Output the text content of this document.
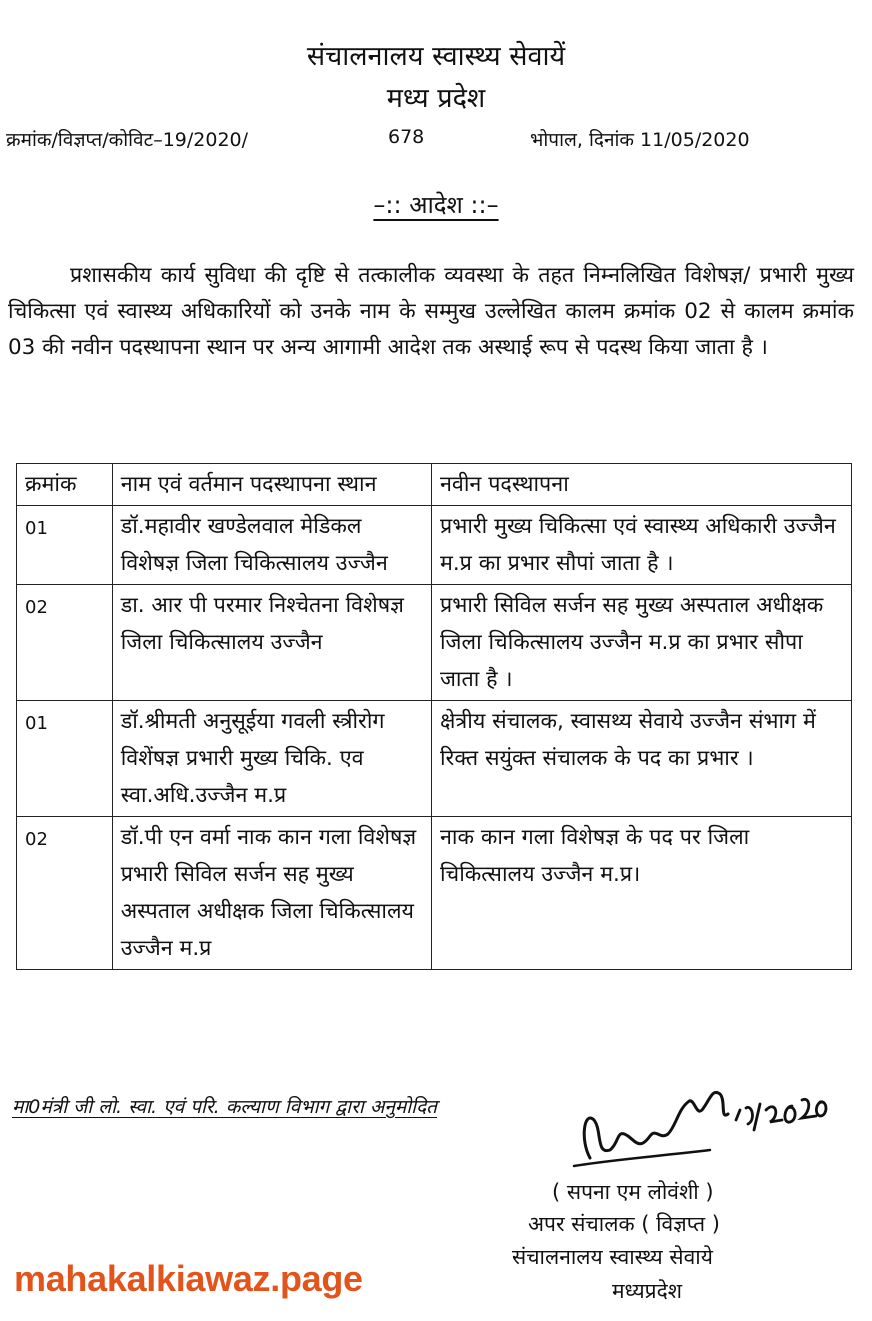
संचालनालय स्वास्थ्य सेवायें
मध्य प्रदेश
क्रमांक/विज्ञप्त/कोविट–19/2020/	678	भोपाल, दिनांक 11/05/2020
–:: आदेश ::–

प्रशासकीय कार्य सुविधा की दृष्टि से तत्कालीक व्यवस्था के तहत निम्नलिखित विशेषज्ञ/ प्रभारी मुख्य चिकित्सा एवं स्वास्थ्य अधिकारियों को उनके नाम के सम्मुख उल्लेखित कालम क्रमांक 02 से कालम क्रमांक 03 की नवीन पदस्थापना स्थान पर अन्य आगामी आदेश तक अस्थाई रूप से पदस्थ किया जाता है ।

क्रमांक	नाम एवं वर्तमान पदस्थापना स्थान	नवीन पदस्थापना
01	डॉ.महावीर खण्डेलवाल मेडिकल विशेषज्ञ जिला चिकित्सालय उज्जैन	प्रभारी मुख्य चिकित्सा एवं स्वास्थ्य अधिकारी उज्जैन म.प्र का प्रभार सौपां जाता है ।
02	डा. आर पी परमार निश्चेतना विशेषज्ञ जिला चिकित्सालय उज्जैन	प्रभारी सिविल सर्जन सह मुख्य अस्पताल अधीक्षक जिला चिकित्सालय उज्जैन म.प्र का प्रभार सौपा जाता है ।
01	डॉ.श्रीमती अनुसूईया गवली स्त्रीरोग विशेंषज्ञ प्रभारी मुख्य चिकि. एव स्वा.अधि.उज्जैन म.प्र	क्षेत्रीय संचालक, स्वासथ्य सेवाये उज्जैन संभाग में रिक्त सयुंक्त संचालक के पद का प्रभार ।
02	डॉ.पी एन वर्मा नाक कान गला विशेषज्ञ प्रभारी सिविल सर्जन सह मुख्य अस्पताल अधीक्षक जिला चिकित्सालय उज्जैन म.प्र	नाक कान गला विशेषज्ञ के पद पर जिला चिकित्सालय उज्जैन म.प्र।
मा0मंत्री जी लो. स्वा. एवं परि. कल्याण विभाग द्वारा अनुमोदित
( सपना एम लोवंशी )
अपर संचालक ( विज्ञप्त )
संचालनालय स्वास्थ्य सेवाये
मध्यप्रदेश
mahakalkiawaz.page
